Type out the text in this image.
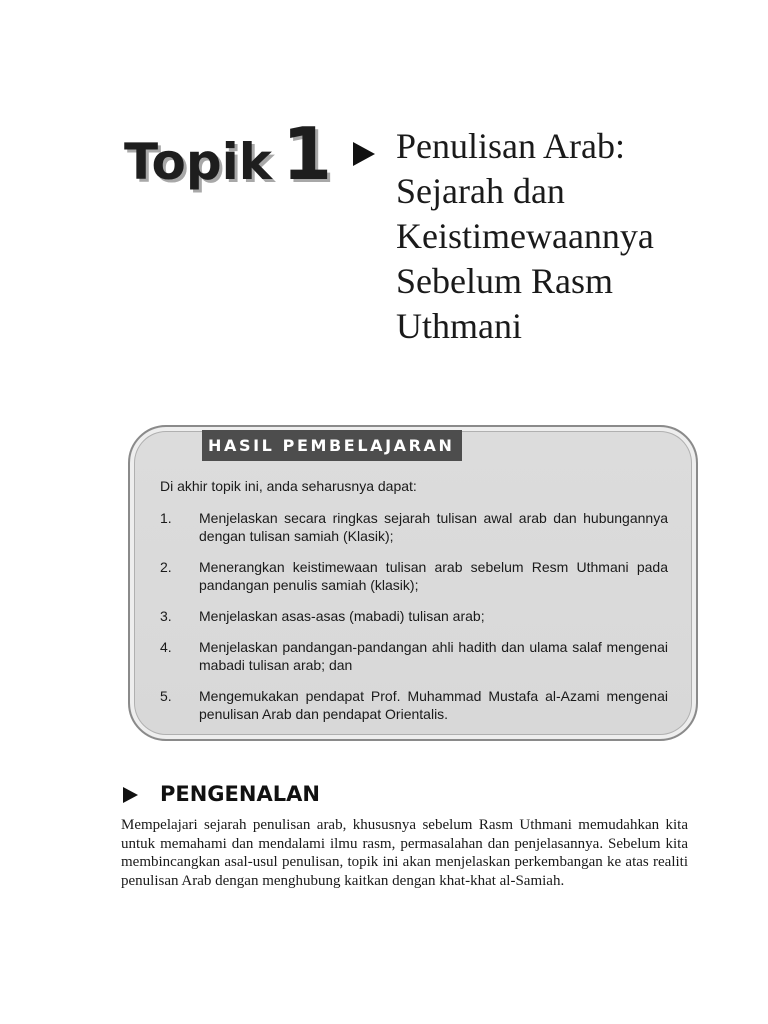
Topik 1 Penulisan Arab:
Sejarah dan
Keistimewaannya
Sebelum Rasm
Uthmani
HASIL PEMBELAJARAN

Di akhir topik ini, anda seharusnya dapat:

1.	Menjelaskan secara ringkas sejarah tulisan awal arab dan hubungannya dengan tulisan samiah (Klasik);
2.	Menerangkan keistimewaan tulisan arab sebelum Resm Uthmani pada pandangan penulis samiah (klasik);
3.	Menjelaskan asas-asas (mabadi) tulisan arab;
4.	Menjelaskan pandangan-pandangan ahli hadith dan ulama salaf mengenai mabadi tulisan arab; dan
5.	Mengemukakan pendapat Prof. Muhammad Mustafa al-Azami mengenai penulisan Arab dan pendapat Orientalis.
PENGENALAN

Mempelajari sejarah penulisan arab, khususnya sebelum Rasm Uthmani memudahkan kita untuk memahami dan mendalami ilmu rasm, permasalahan dan penjelasannya. Sebelum kita membincangkan asal-usul penulisan, topik ini akan menjelaskan perkembangan ke atas realiti penulisan Arab dengan menghubung kaitkan dengan khat-khat al-Samiah.
